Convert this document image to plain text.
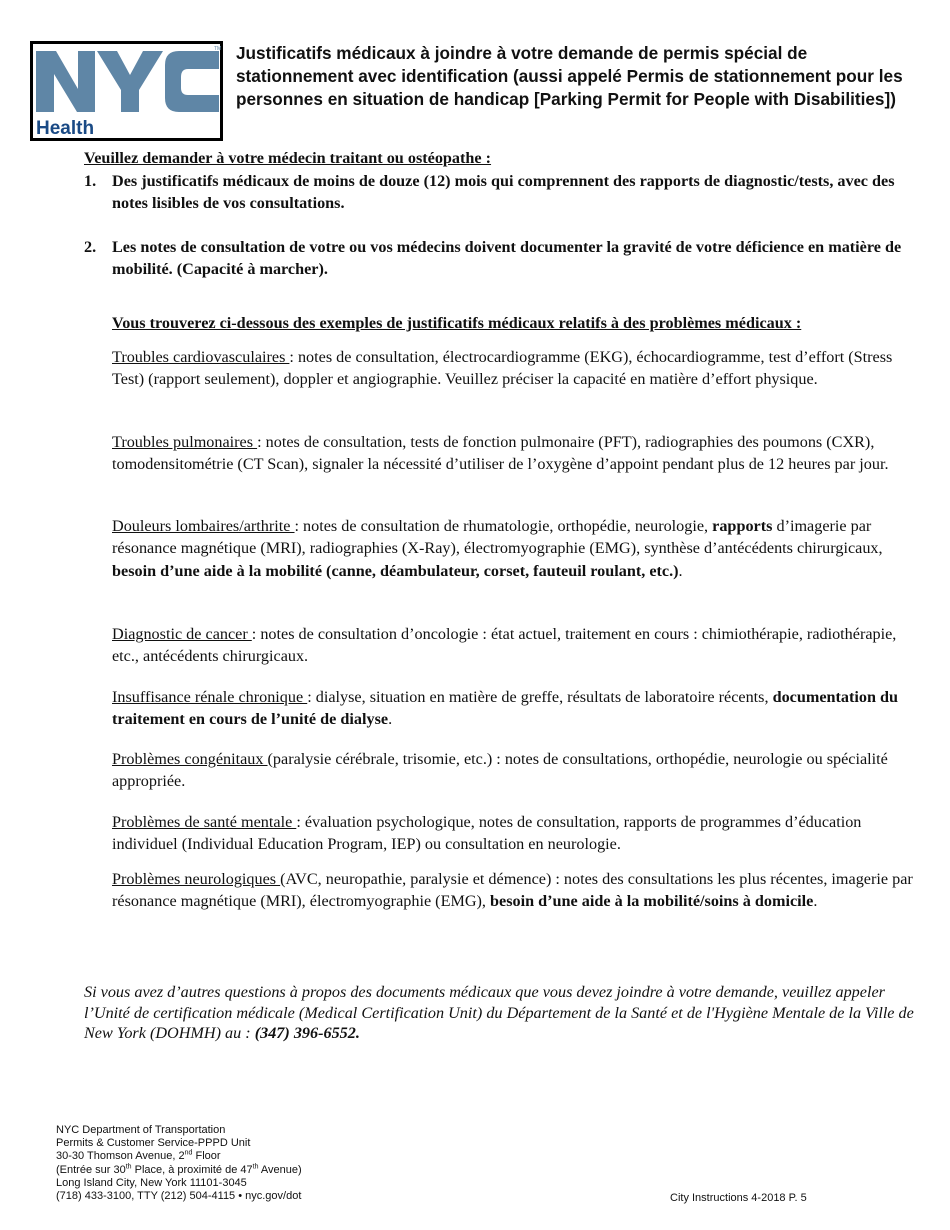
TM
Health
Justificatifs médicaux à joindre à votre demande de permis spécial de stationnement avec identification (aussi appelé Permis de stationnement pour les personnes en situation de handicap [Parking Permit for People with Disabilities])
Veuillez demander à votre médecin traitant ou ostéopathe :
1. Des justificatifs médicaux de moins de douze (12) mois qui comprennent des rapports de diagnostic/tests, avec des notes lisibles de vos consultations.
2. Les notes de consultation de votre ou vos médecins doivent documenter la gravité de votre déficience en matière de mobilité. (Capacité à marcher).
Vous trouverez ci-dessous des exemples de justificatifs médicaux relatifs à des problèmes médicaux :

Troubles cardiovasculaires : notes de consultation, électrocardiogramme (EKG), échocardiogramme, test d’effort (Stress Test) (rapport seulement), doppler et angiographie. Veuillez préciser la capacité en matière d’effort physique.

Troubles pulmonaires : notes de consultation, tests de fonction pulmonaire (PFT), radiographies des poumons (CXR), tomodensitométrie (CT Scan), signaler la nécessité d’utiliser de l’oxygène d’appoint pendant plus de 12 heures par jour.

Douleurs lombaires/arthrite : notes de consultation de rhumatologie, orthopédie, neurologie, rapports d’imagerie par résonance magnétique (MRI), radiographies (X-Ray), électromyographie (EMG), synthèse d’antécédents chirurgicaux, besoin d’une aide à la mobilité (canne, déambulateur, corset, fauteuil roulant, etc.).

Diagnostic de cancer : notes de consultation d’oncologie : état actuel, traitement en cours : chimiothérapie, radiothérapie, etc., antécédents chirurgicaux.

Insuffisance rénale chronique : dialyse, situation en matière de greffe, résultats de laboratoire récents, documentation du traitement en cours de l’unité de dialyse.

Problèmes congénitaux (paralysie cérébrale, trisomie, etc.) : notes de consultations, orthopédie, neurologie ou spécialité appropriée.

Problèmes de santé mentale : évaluation psychologique, notes de consultation, rapports de programmes d’éducation individuel (Individual Education Program, IEP) ou consultation en neurologie.

Problèmes neurologiques (AVC, neuropathie, paralysie et démence) : notes des consultations les plus récentes, imagerie par résonance magnétique (MRI), électromyographie (EMG), besoin d’une aide à la mobilité/soins à domicile.

Si vous avez d’autres questions à propos des documents médicaux que vous devez joindre à votre demande, veuillez appeler l’Unité de certification médicale (Medical Certification Unit) du Département de la Santé et de l'Hygiène Mentale de la Ville de New York (DOHMH) au : (347) 396-6552.

NYC Department of Transportation
Permits & Customer Service-PPPD Unit
30-30 Thomson Avenue, 2nd Floor
(Entrée sur 30th Place, à proximité de 47th Avenue)
Long Island City, New York 11101-3045
(718) 433-3100, TTY (212) 504-4115 • nyc.gov/dot	City Instructions 4-2018 P. 5
